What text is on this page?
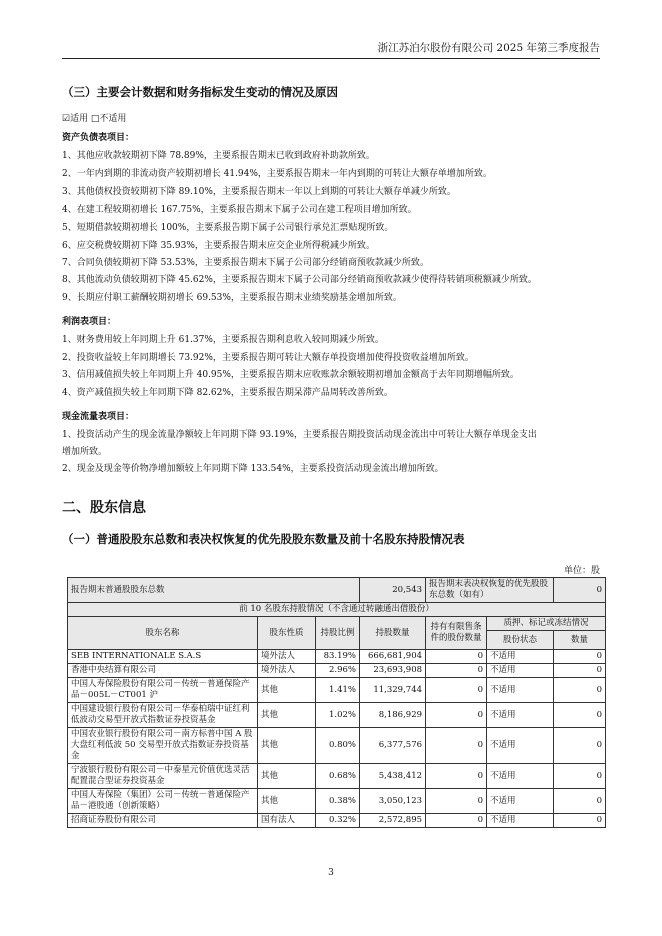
浙江苏泊尔股份有限公司 2025 年第三季度报告
（三）主要会计数据和财务指标发生变动的情况及原因
☑适用 □不适用
资产负债表项目：
1、其他应收款较期初下降 78.89%，主要系报告期末已收到政府补助款所致。
2、一年内到期的非流动资产较期初增长 41.94%，主要系报告期末一年内到期的可转让大额存单增加所致。
3、其他债权投资较期初下降 89.10%，主要系报告期末一年以上到期的可转让大额存单减少所致。
4、在建工程较期初增长 167.75%，主要系报告期末下属子公司在建工程项目增加所致。
5、短期借款较期初增长 100%，主要系报告期下属子公司银行承兑汇票贴现所致。
6、应交税费较期初下降 35.93%，主要系报告期末应交企业所得税减少所致。
7、合同负债较期初下降 53.53%，主要系报告期末下属子公司部分经销商预收款减少所致。
8、其他流动负债较期初下降 45.62%，主要系报告期末下属子公司部分经销商预收款减少使得待转销项税额减少所致。
9、长期应付职工薪酬较期初增长 69.53%，主要系报告期末业绩奖励基金增加所致。
利润表项目：
1、财务费用较上年同期上升 61.37%，主要系报告期利息收入较同期减少所致。
2、投资收益较上年同期增长 73.92%，主要系报告期可转让大额存单投资增加使得投资收益增加所致。
3、信用减值损失较上年同期上升 40.95%，主要系报告期末应收账款余额较期初增加金额高于去年同期增幅所致。
4、资产减值损失较上年同期下降 82.62%，主要系报告期呆滞产品周转改善所致。
现金流量表项目：
1、投资活动产生的现金流量净额较上年同期下降 93.19%，主要系报告期投资活动现金流出中可转让大额存单现金支出
增加所致。
2、现金及现金等价物净增加额较上年同期下降 133.54%，主要系投资活动现金流出增加所致。
二、股东信息
（一）普通股股东总数和表决权恢复的优先股股东数量及前十名股东持股情况表
单位：股
报告期末普通股股东总数			20,543	报告期末表决权恢复的优先股股东总数（如有）		0
前 10 名股东持股情况（不含通过转融通出借股份）						
股东名称	股东性质	持股比例	持股数量	持有有限售条件的股份数量	质押、标记或冻结情况	
					股份状态	数量
SEB INTERNATIONALE S.A.S	境外法人	83.19%	666,681,904	0	不适用	0
香港中央结算有限公司	境外法人	2.96%	23,693,908	0	不适用	0
中国人寿保险股份有限公司－传统－普通保险产品－005L－CT001 沪	其他	1.41%	11,329,744	0	不适用	0
中国建设银行股份有限公司－华泰柏瑞中证红利低波动交易型开放式指数证券投资基金	其他	1.02%	8,186,929	0	不适用	0
中国农业银行股份有限公司－南方标普中国 A 股大盘红利低波 50 交易型开放式指数证券投资基金	其他	0.80%	6,377,576	0	不适用	0
宁波银行股份有限公司－中泰星元价值优选灵活配置混合型证券投资基金	其他	0.68%	5,438,412	0	不适用	0
中国人寿保险（集团）公司－传统－普通保险产品－港股通（创新策略）	其他	0.38%	3,050,123	0	不适用	0
招商证券股份有限公司	国有法人	0.32%	2,572,895	0	不适用	0
3
